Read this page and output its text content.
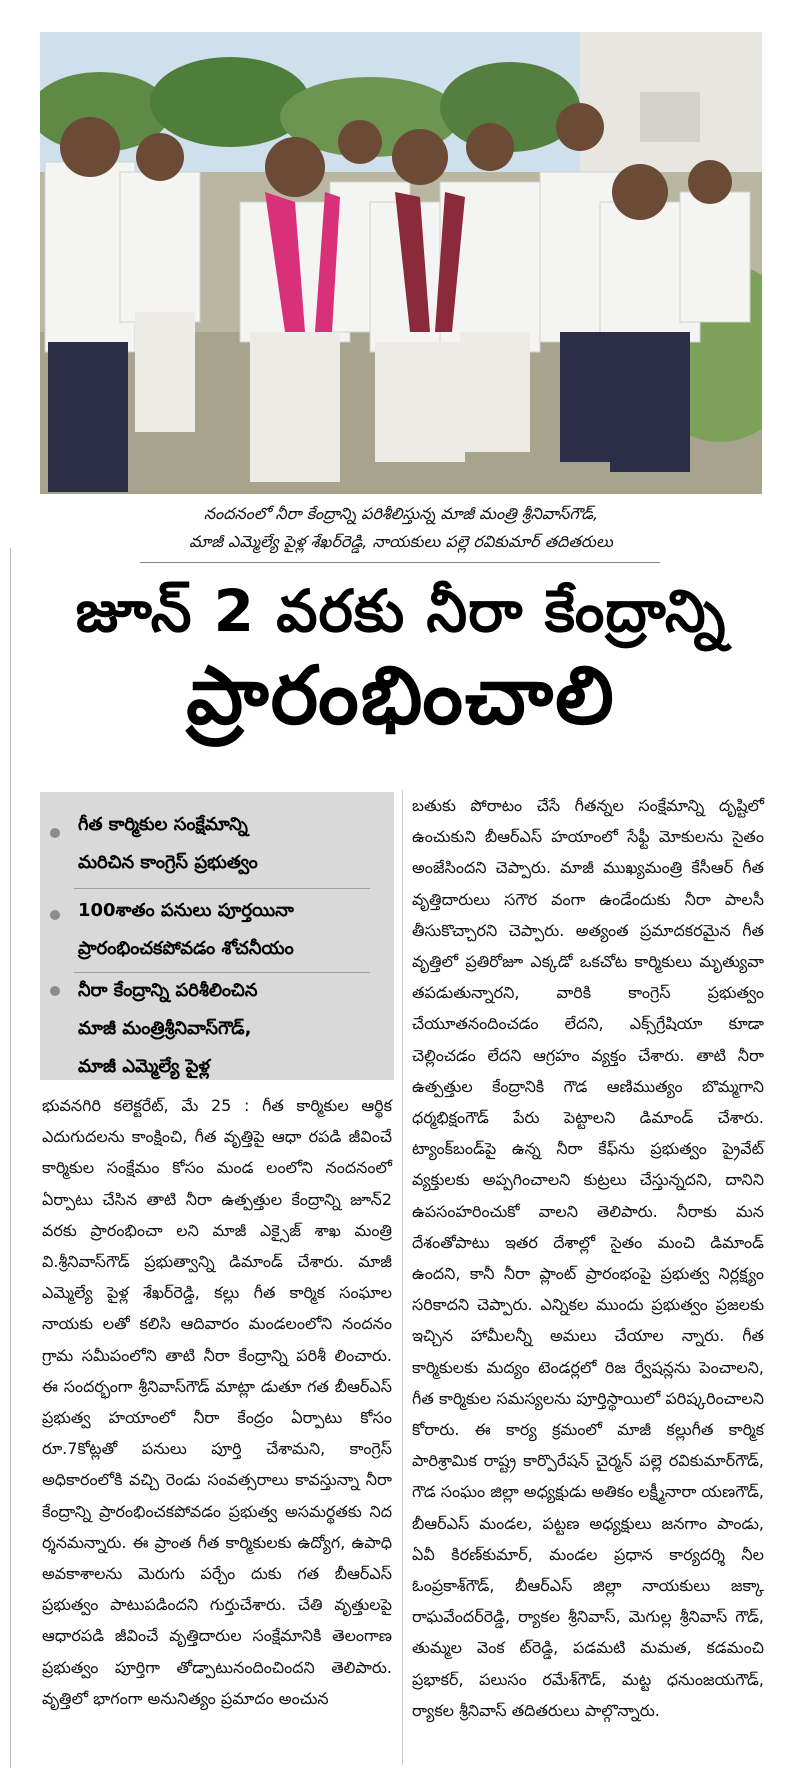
నందనంలో నీరా కేంద్రాన్ని పరిశీలిస్తున్న మాజీ మంత్రి శ్రీనివాస్‌గౌడ్,
మాజీ ఎమ్మెల్యే పైళ్ల శేఖర్‌రెడ్డి, నాయకులు పల్లె రవికుమార్ తదితరులు
జూన్ 2 వరకు నీరా కేంద్రాన్ని
ప్రారంభించాలి
గీత కార్మికుల సంక్షేమాన్ని
మరిచిన కాంగ్రెస్ ప్రభుత్వం
100శాతం పనులు పూర్తయినా
ప్రారంభించకపోవడం శోచనీయం
నీరా కేంద్రాన్ని పరిశీలించిన
మాజీ మంత్రిశ్రీనివాస్‌గౌడ్,
మాజీ ఎమ్మెల్యే పైళ్ల
భువనగిరి కలెక్టరేట్, మే 25 : గీత కార్మికుల ఆర్థిక ఎదుగుదలను కాంక్షించి, గీత వృత్తిపై ఆధా రపడి జీవించే కార్మికుల సంక్షేమం కోసం మండ లంలోని నందనంలో ఏర్పాటు చేసిన తాటి నీరా ఉత్పత్తుల కేంద్రాన్ని జూన్2 వరకు ప్రారంభించా లని మాజీ ఎక్సైజ్ శాఖ మంత్రి వి.శ్రీనివాస్‌గౌడ్ ప్రభుత్వాన్ని డిమాండ్ చేశారు. మాజీ ఎమ్మెల్యే పైళ్ల శేఖర్‌రెడ్డి, కల్లు గీత కార్మిక సంఘాల నాయకు లతో కలిసి ఆదివారం మండలంలోని నందనం గ్రామ సమీపంలోని తాటి నీరా కేంద్రాన్ని పరిశీ లించారు. ఈ సందర్భంగా శ్రీనివాస్‌గౌడ్ మాట్లా డుతూ గత బీఆర్ఎస్ ప్రభుత్వ హయాంలో నీరా కేంద్రం ఏర్పాటు కోసం రూ.7కోట్లతో పనులు పూర్తి చేశామని, కాంగ్రెస్ అధికారంలోకి వచ్చి రెండు సంవత్సరాలు కావస్తున్నా నీరా కేంద్రాన్ని ప్రారంభించకపోవడం ప్రభుత్వ అసమర్థతకు నిద ర్శనమన్నారు. ఈ ప్రాంత గీత కార్మికులకు ఉద్యోగ, ఉపాధి అవకాశాలను మెరుగు పర్చేం దుకు గత బీఆర్ఎస్ ప్రభుత్వం పాటుపడిందని గుర్తుచేశారు. చేతి వృత్తులపై ఆధారపడి జీవించే వృత్తిదారుల సంక్షేమానికి తెలంగాణ ప్రభుత్వం పూర్తిగా తోడ్పాటునందించిందని తెలిపారు. వృత్తిలో భాగంగా అనునిత్యం ప్రమాదం అంచున
బతుకు పోరాటం చేసే గీతన్నల సంక్షేమాన్ని దృష్టిలో ఉంచుకుని బీఆర్ఎస్ హయాంలో సేఫ్టీ మోకులను సైతం అంజేసిందని చెప్పారు. మాజీ ముఖ్యమంత్రి కేసీఆర్ గీత వృత్తిదారులు సగౌర వంగా ఉండేందుకు నీరా పాలసీ తీసుకొచ్చారని చెప్పారు. అత్యంత ప్రమాదకరమైన గీత వృత్తిలో ప్రతిరోజూ ఎక్కడో ఒకచోట కార్మికులు మృత్యువా తపడుతున్నారని, వారికి కాంగ్రెస్ ప్రభుత్వం చేయూతనందించడం లేదని, ఎక్స్‌గ్రేషియా కూడా చెల్లించడం లేదని ఆగ్రహం వ్యక్తం చేశారు. తాటి నీరా ఉత్పత్తుల కేంద్రానికి గౌడ ఆణిముత్యం బొమ్మగాని ధర్మభిక్షంగౌడ్ పేరు పెట్టాలని డిమాండ్ చేశారు. ట్యాంక్‌బండ్‌పై ఉన్న నీరా కేఫ్‌ను ప్రభుత్వం ప్రైవేట్ వ్యక్తులకు అప్పగించాలని కుట్రలు చేస్తున్నదని, దానిని ఉపసంహరించుకో వాలని తెలిపారు. నీరాకు మన దేశంతోపాటు ఇతర దేశాల్లో సైతం మంచి డిమాండ్ ఉందని, కానీ నీరా ప్లాంట్ ప్రారంభంపై ప్రభుత్వ నిర్లక్ష్యం సరికాదని చెప్పారు. ఎన్నికల ముందు ప్రభుత్వం ప్రజలకు ఇచ్చిన హామీలన్నీ అమలు చేయాల న్నారు. గీత కార్మికులకు మద్యం టెండర్లలో రిజ ర్వేషన్లను పెంచాలని, గీత కార్మికుల సమస్యలను పూర్తిస్థాయిలో పరిష్కరించాలని కోరారు. ఈ కార్య క్రమంలో మాజీ కల్లుగీత కార్మిక పారిశ్రామిక రాష్ట్ర కార్పొరేషన్ చైర్మన్ పల్లె రవికుమార్‌గౌడ్, గౌడ సంఘం జిల్లా అధ్యక్షుడు అతికం లక్ష్మీనారా యణగౌడ్, బీఆర్ఎస్ మండల, పట్టణ అధ్యక్షులు జనగాం పాండు, ఏవీ కిరణ్‌కుమార్, మండల ప్రధాన కార్యదర్శి నీల ఓంప్రకాశ్‌గౌడ్, బీఆర్ఎస్ జిల్లా నాయకులు జక్కా రాఘవేందర్‌రెడ్డి, ర్యాకల శ్రీనివాస్, మెగుల్ల శ్రీనివాస్ గౌడ్, తుమ్మల వెంక ట్‌రెడ్డి, పడమటి మమత, కడమంచి ప్రభాకర్, పలుసం రమేశ్‌గౌడ్, మట్ట ధనుంజయగౌడ్, ర్యాకల శ్రీనివాస్ తదితరులు పాల్గొన్నారు.
